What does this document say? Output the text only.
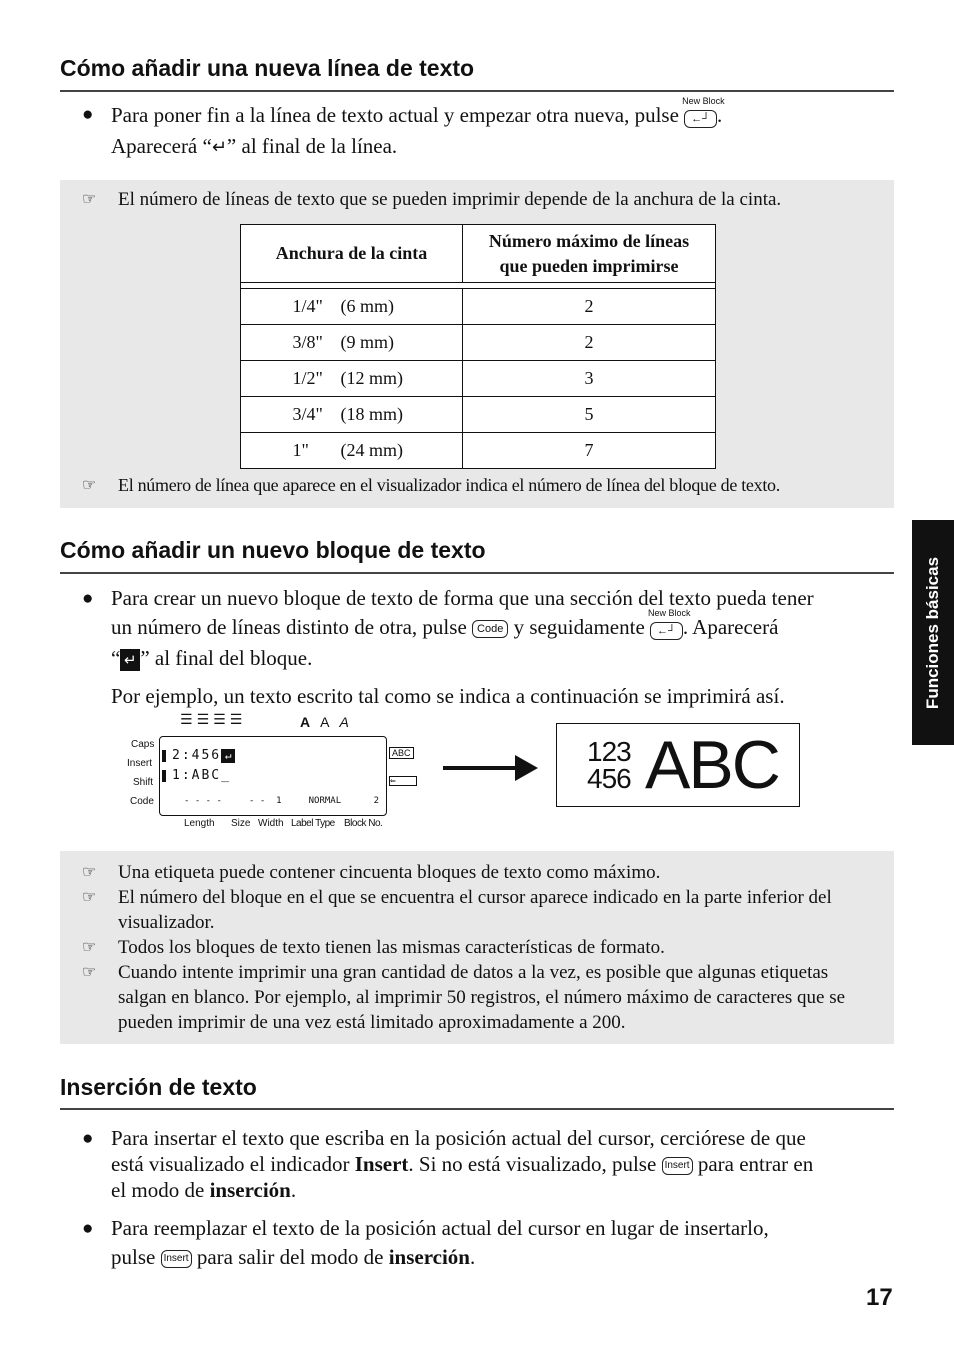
Cómo añadir una nueva línea de texto
● Para poner fin a la línea de texto actual y empezar otra nueva, pulse
New Block
←┘ .
Aparecerá “↵” al final de la línea.
☞ El número de líneas de texto que se pueden imprimir depende de la anchura de la cinta.
Anchura de la cinta	Número máximo de líneas que pueden imprimirse

1/4" (6 mm)	2
3/8" (9 mm)	2
1/2" (12 mm)	3
3/4" (18 mm)	5
1" (24 mm)	7
☞ El número de línea que aparece en el visualizador indica el número de línea del bloque de texto.
Cómo añadir un nuevo bloque de texto
● Para crear un nuevo bloque de texto de forma que una sección del texto pueda tener
un número de líneas distinto de otra, pulse Code y seguidamente
New Block
←┘ . Aparecerá
“ ↵ ” al final del bloque.
Por ejemplo, un texto escrito tal como se indica a continuación se imprimirá así.
☰☰☰☰	AAA
Caps
Insert
Shift
Code
2:456 ↵
1:ABC_
- - - -     - -  1     NORMAL      2
Length Size Width Label Type Block No.
ABC
⇐
123
456 ABC
☞ Una etiqueta puede contener cincuenta bloques de texto como máximo.
☞ El número del bloque en el que se encuentra el cursor aparece indicado en la parte inferior del visualizador.
☞ Todos los bloques de texto tienen las mismas características de formato.
☞ Cuando intente imprimir una gran cantidad de datos a la vez, es posible que algunas etiquetas salgan en blanco. Por ejemplo, al imprimir 50 registros, el número máximo de caracteres que se pueden imprimir de una vez está limitado aproximadamente a 200.
Inserción de texto
● Para insertar el texto que escriba en la posición actual del cursor, cerciórese de que
está visualizado el indicador Insert. Si no está visualizado, pulse Insert para entrar en
el modo de inserción.
● Para reemplazar el texto de la posición actual del cursor en lugar de insertarlo,
pulse Insert para salir del modo de inserción.
Funciones básicas
17
